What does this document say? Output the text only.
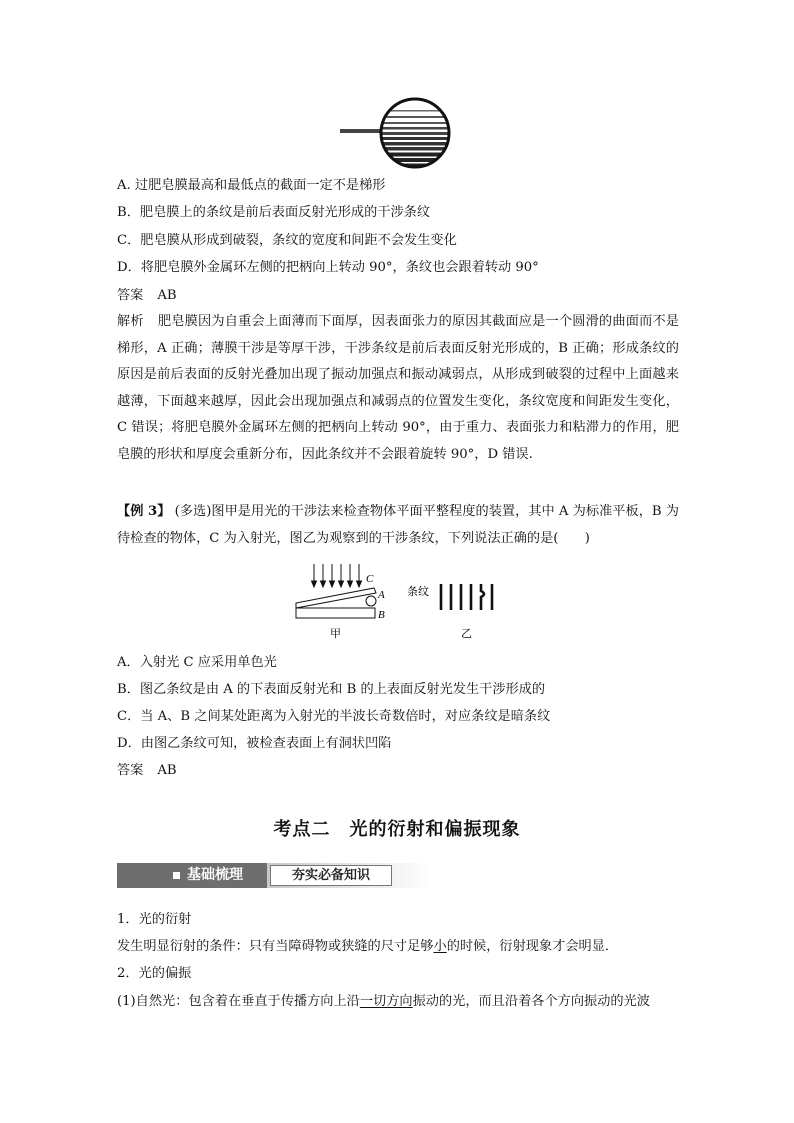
A. 过肥皂膜最高和最低点的截面一定不是梯形
B．肥皂膜上的条纹是前后表面反射光形成的干涉条纹
C．肥皂膜从形成到破裂，条纹的宽度和间距不会发生变化
D．将肥皂膜外金属环左侧的把柄向上转动 90°，条纹也会跟着转动 90°
答案 AB
解析 肥皂膜因为自重会上面薄而下面厚，因表面张力的原因其截面应是一个圆滑的曲面而不是梯形，A 正确；薄膜干涉是等厚干涉，干涉条纹是前后表面反射光形成的，B 正确；形成条纹的原因是前后表面的反射光叠加出现了振动加强点和振动减弱点，从形成到破裂的过程中上面越来越薄，下面越来越厚，因此会出现加强点和减弱点的位置发生变化，条纹宽度和间距发生变化，C 错误；将肥皂膜外金属环左侧的把柄向上转动 90°，由于重力、表面张力和粘滞力的作用，肥皂膜的形状和厚度会重新分布，因此条纹并不会跟着旋转 90°，D 错误.
【例 3】 (多选)图甲是用光的干涉法来检查物体平面平整程度的装置，其中 A 为标准平板，B 为待检查的物体，C 为入射光，图乙为观察到的干涉条纹，下列说法正确的是(　　)
C
A
B
甲
条纹
乙
A．入射光 C 应采用单色光
B．图乙条纹是由 A 的下表面反射光和 B 的上表面反射光发生干涉形成的
C．当 A、B 之间某处距离为入射光的半波长奇数倍时，对应条纹是暗条纹
D．由图乙条纹可知，被检查表面上有洞状凹陷
答案 AB
考点二　光的衍射和偏振现象
基础梳理	夯实必备知识
1．光的衍射
发生明显衍射的条件：只有当障碍物或狭缝的尺寸足够小的时候，衍射现象才会明显．
2．光的偏振
(1)自然光：包含着在垂直于传播方向上沿一切方向振动的光，而且沿着各个方向振动的光波
